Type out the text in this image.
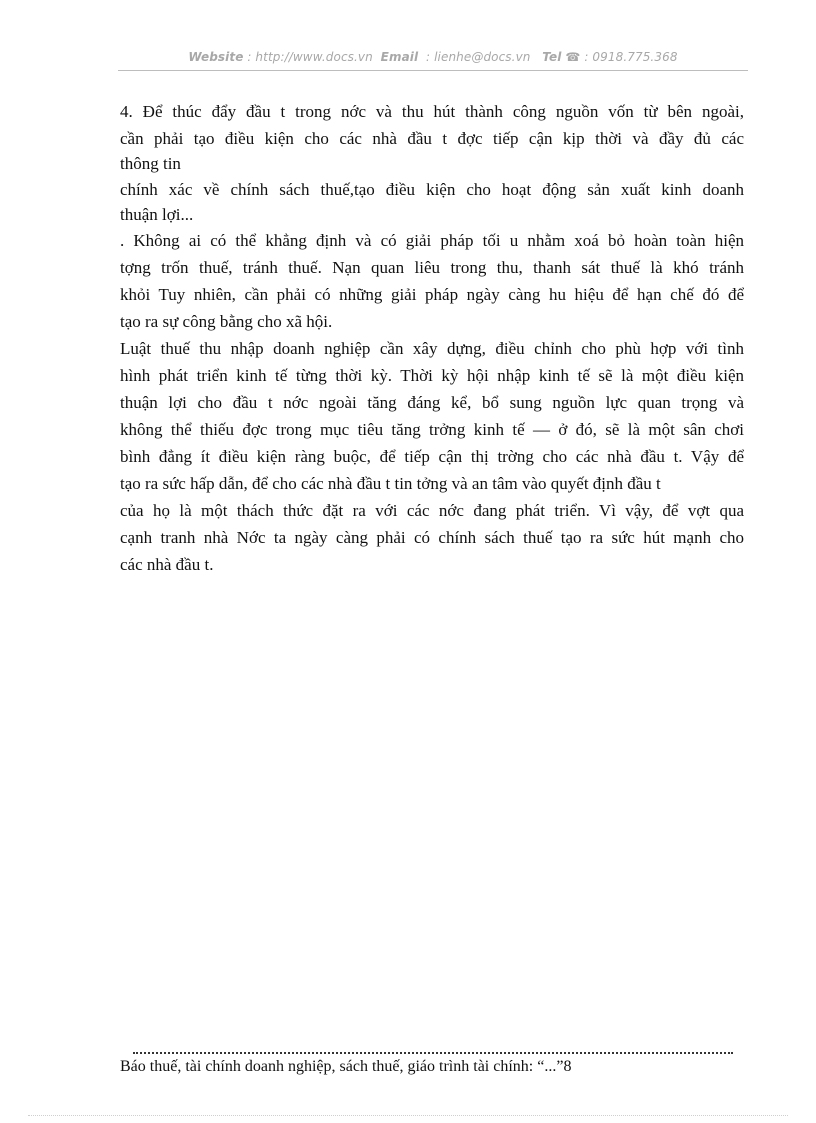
Website : http://www.docs.vn Email : lienhe@docs.vn Tel ☎ : 0918.775.368
4. Để thúc đẩy đầu t trong nớc và thu hút thành công nguồn vốn từ bên ngoài,
cần phải tạo điều kiện cho các nhà đầu t đợc tiếp cận kịp thời và đầy đủ các
thông tin
chính xác về chính sách thuế,tạo điều kiện cho hoạt động sản xuất kinh doanh
thuận lợi...
. Không ai có thể khẳng định và có giải pháp tối u nhằm xoá bỏ hoàn toàn hiện
tợng trốn thuế, tránh thuế. Nạn quan liêu trong thu, thanh sát thuế là khó tránh
khỏi Tuy nhiên, cần phải có những giải pháp ngày càng hu hiệu để hạn chế đó để
tạo ra sự công bằng cho xã hội.
Luật thuế thu nhập doanh nghiệp cần xây dựng, điều chỉnh cho phù hợp với tình
hình phát triển kinh tế từng thời kỳ. Thời kỳ hội nhập kinh tế sẽ là một điều kiện
thuận lợi cho đầu t nớc ngoài tăng đáng kể, bổ sung nguồn lực quan trọng và
không thể thiếu đợc trong mục tiêu tăng trởng kinh tế — ở đó, sẽ là một sân chơi
bình đẳng ít điều kiện ràng buộc, để tiếp cận thị trờng cho các nhà đầu t. Vậy để
tạo ra sức hấp dẫn, để cho các nhà đầu t tin tởng và an tâm vào quyết định đầu t
của họ là một thách thức đặt ra với các nớc đang phát triển. Vì vậy, để vợt qua
cạnh tranh nhà Nớc ta ngày càng phải có chính sách thuế tạo ra sức hút mạnh cho
các nhà đầu t.
Báo thuế, tài chính doanh nghiệp, sách thuế, giáo trình tài chính: “...”8
